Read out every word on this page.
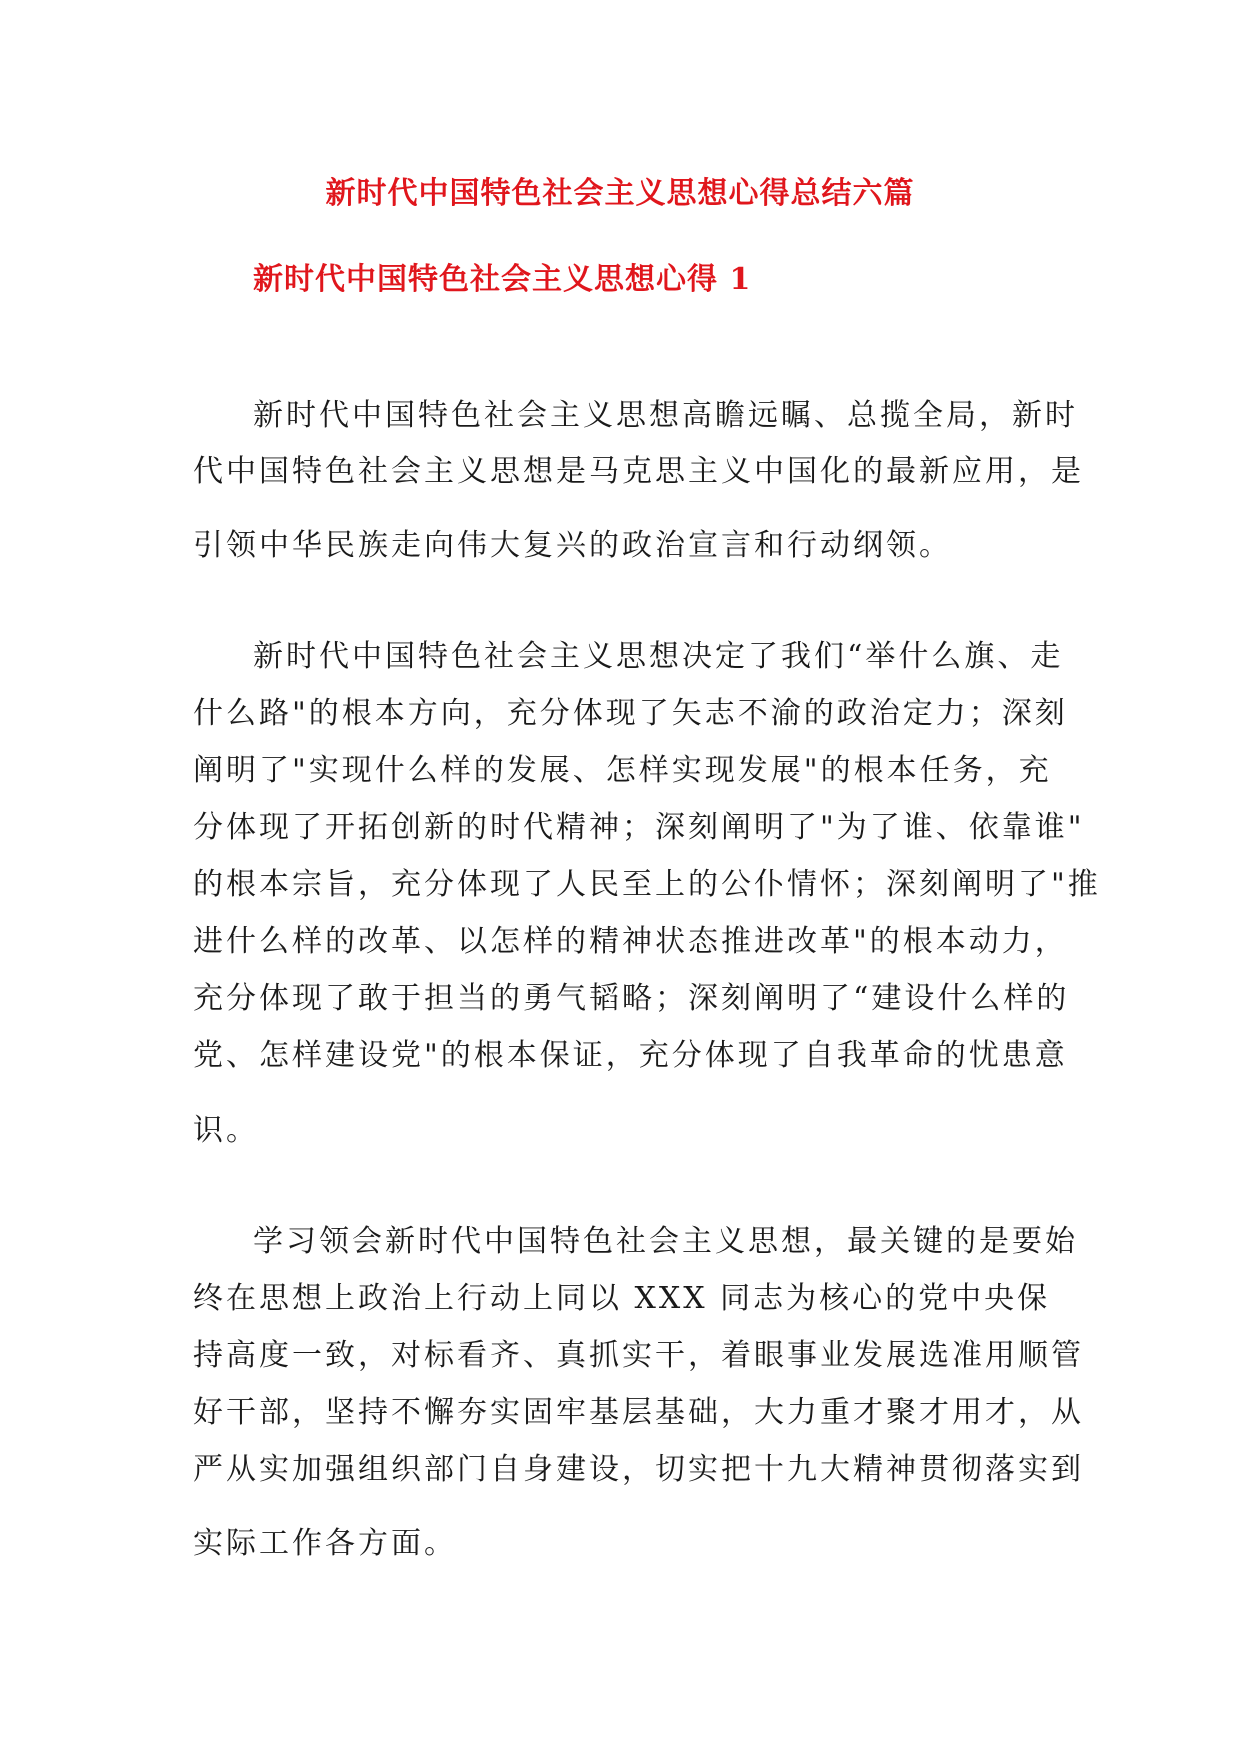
新时代中国特色社会主义思想心得总结六篇
新时代中国特色社会主义思想心得 1

新时代中国特色社会主义思想高瞻远瞩、总揽全局，新时

代中国特色社会主义思想是马克思主义中国化的最新应用，是

引领中华民族走向伟大复兴的政治宣言和行动纲领。

新时代中国特色社会主义思想决定了我们“举什么旗、走

什么路"的根本方向，充分体现了矢志不渝的政治定力；深刻

阐明了"实现什么样的发展、怎样实现发展"的根本任务，充

分体现了开拓创新的时代精神；深刻阐明了"为了谁、依靠谁"

的根本宗旨，充分体现了人民至上的公仆情怀；深刻阐明了"推

进什么样的改革、以怎样的精神状态推进改革"的根本动力，

充分体现了敢于担当的勇气韬略；深刻阐明了“建设什么样的

党、怎样建设党"的根本保证，充分体现了自我革命的忧患意

识。

学习领会新时代中国特色社会主义思想，最关键的是要始

终在思想上政治上行动上同以 XXX 同志为核心的党中央保

持高度一致，对标看齐、真抓实干，着眼事业发展选准用顺管

好干部，坚持不懈夯实固牢基层基础，大力重才聚才用才，从

严从实加强组织部门自身建设，切实把十九大精神贯彻落实到

实际工作各方面。
